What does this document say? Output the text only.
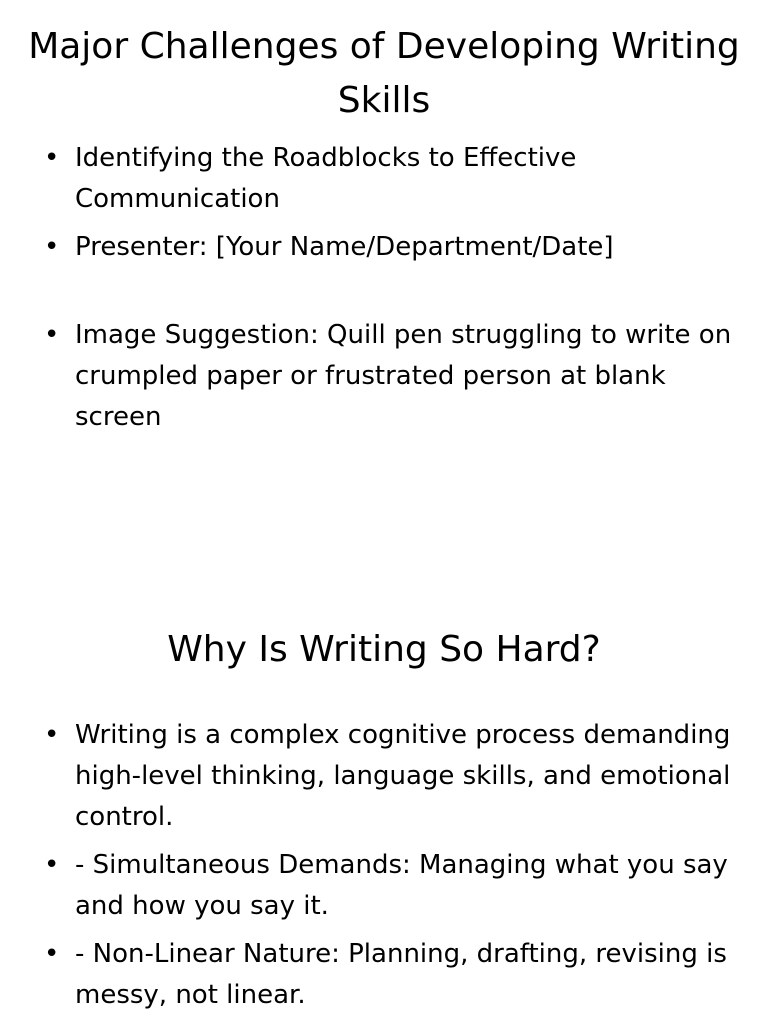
Major Challenges of Developing Writing Skills
• Identifying the Roadblocks to Effective Communication
• Presenter: [Your Name/Department/Date]
• Image Suggestion: Quill pen struggling to write on crumpled paper or frustrated person at blank screen
Why Is Writing So Hard?
• Writing is a complex cognitive process demanding high-level thinking, language skills, and emotional control.
• - Simultaneous Demands: Managing what you say and how you say it.
• - Non-Linear Nature: Planning, drafting, revising is messy, not linear.
